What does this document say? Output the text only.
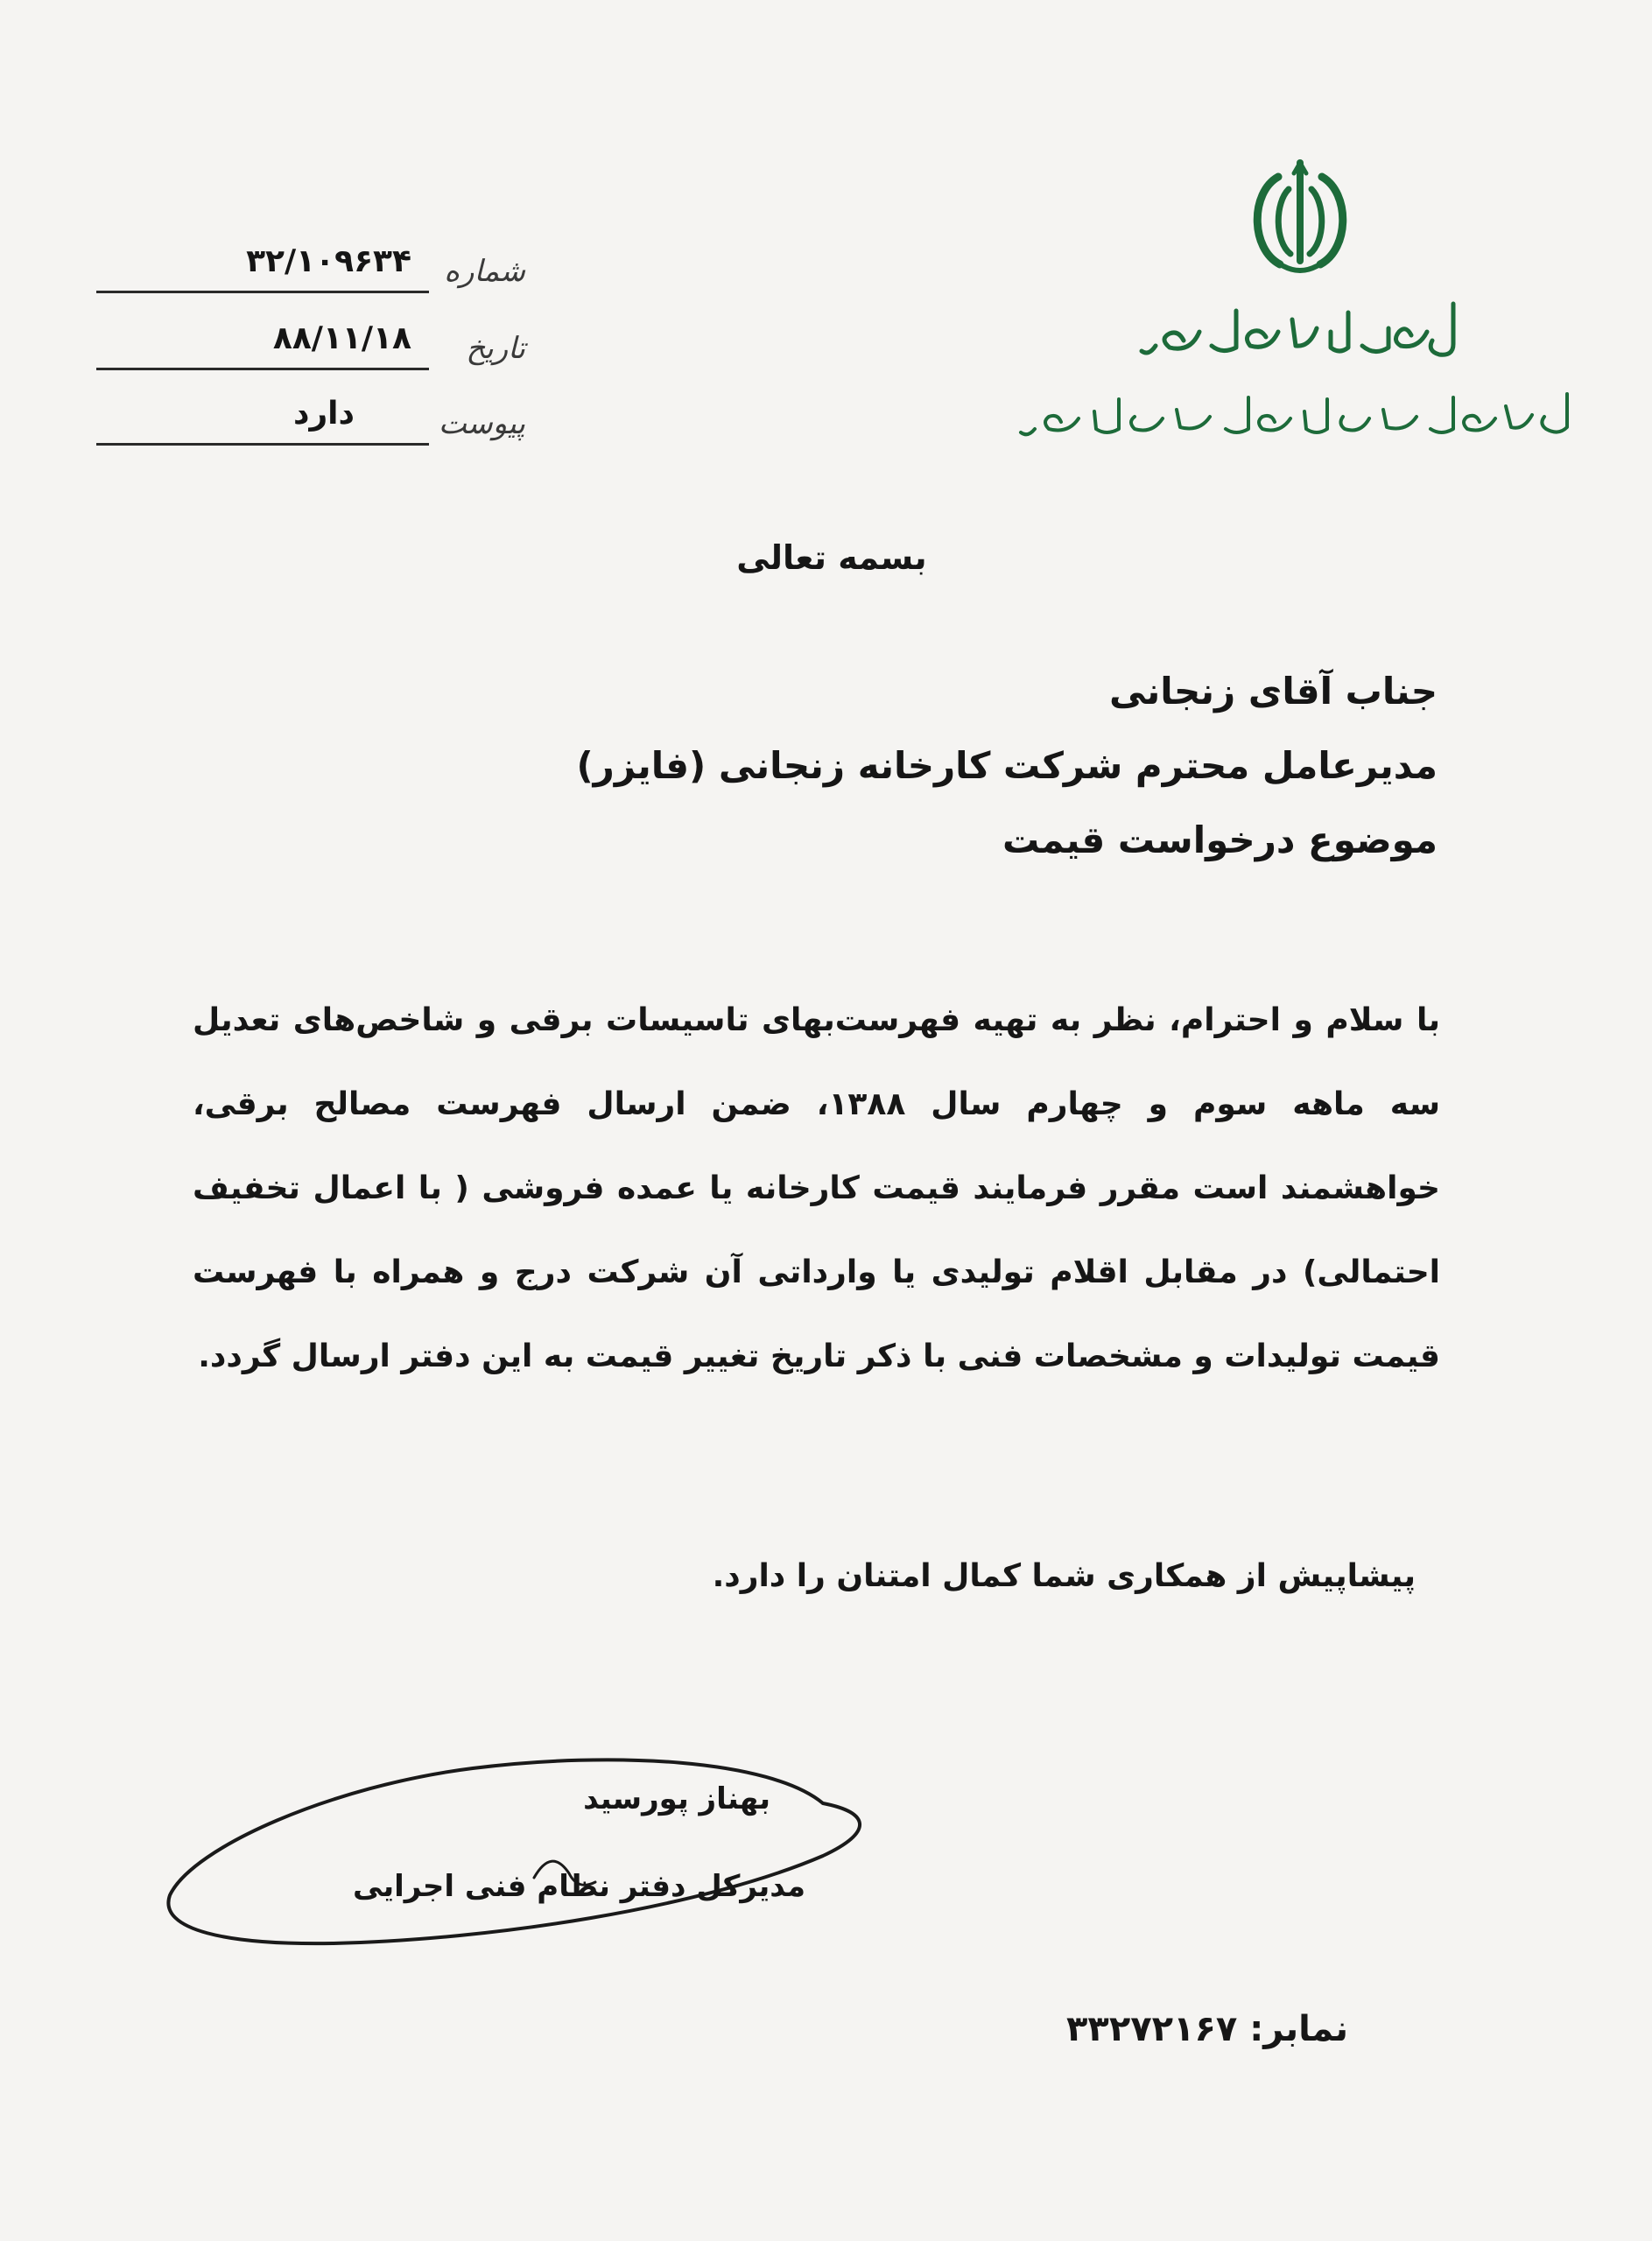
شماره
۳۲/۱۰۹۶۳۴
تاریخ
۸۸/۱۱/۱۸
پیوست
دارد
بسمه تعالی
جناب آقای زنجانی
مدیرعامل محترم شرکت کارخانه زنجانی (فایزر)
موضوع درخواست قیمت
با سلام و احترام، نظر به تهیه فهرست‌بهای تاسیسات برقی و شاخص‌های تعدیل سه ماهه سوم و چهارم سال ۱۳۸۸، ضمن ارسال فهرست مصالح برقی، خواهشمند است مقرر فرمایند قیمت کارخانه یا عمده فروشی ( با اعمال تخفیف احتمالی) در مقابل اقلام تولیدی یا وارداتی آن شرکت درج و همراه با فهرست قیمت تولیدات و مشخصات فنی با ذکر تاریخ تغییر قیمت به این دفتر ارسال گردد.
پیشاپیش از همکاری شما کمال امتنان را دارد.
بهناز پورسید
مدیرکل دفتر نظام فنی اجرایی
نمابر: ۳۳۲۷۲۱۶۷
